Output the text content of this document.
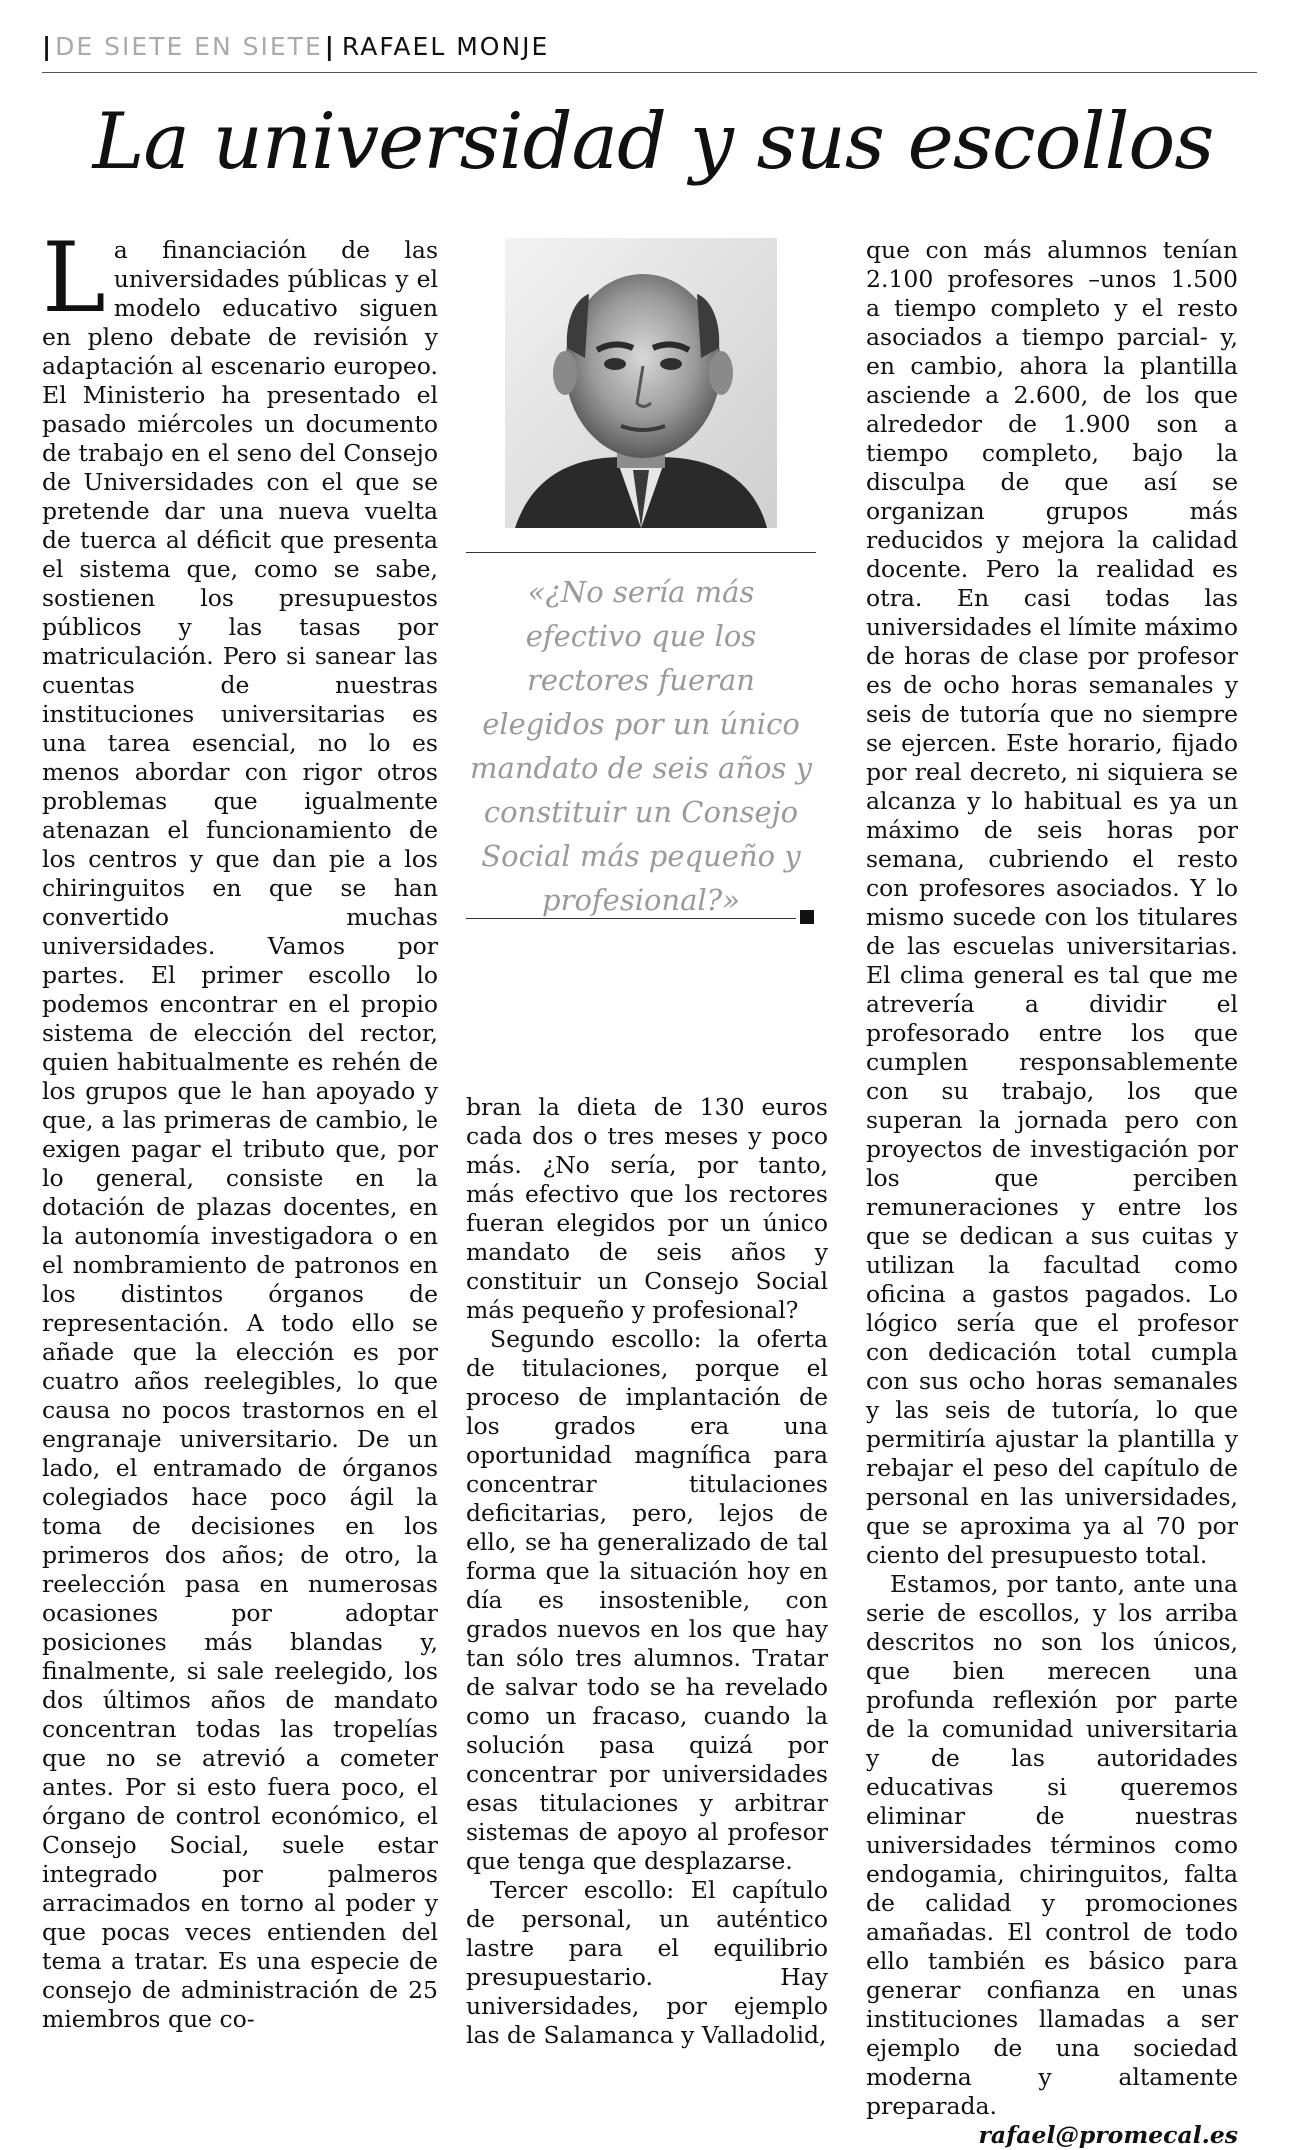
| DE SIETE EN SIETE | RAFAEL MONJE
La universidad y sus escollos

La financiación de las universidades públicas y el modelo educativo siguen en pleno debate de revisión y adaptación al escenario europeo. El Ministerio ha presentado el pasado miércoles un documento de trabajo en el seno del Consejo de Universidades con el que se pretende dar una nueva vuelta de tuerca al déficit que presenta el sistema que, como se sabe, sostienen los presupuestos públicos y las tasas por matriculación. Pero si sanear las cuentas de nuestras instituciones universitarias es una tarea esencial, no lo es menos abordar con rigor otros problemas que igualmente atenazan el funcionamiento de los centros y que dan pie a los chiringuitos en que se han convertido muchas universidades. Vamos por partes. El primer escollo lo podemos encontrar en el propio sistema de elección del rector, quien habitualmente es rehén de los grupos que le han apoyado y que, a las primeras de cambio, le exigen pagar el tributo que, por lo general, consiste en la dotación de plazas docentes, en la autonomía investigadora o en el nombramiento de patronos en los distintos órganos de representación. A todo ello se añade que la elección es por cuatro años reelegibles, lo que causa no pocos trastornos en el engranaje universitario. De un lado, el entramado de órganos colegiados hace poco ágil la toma de decisiones en los primeros dos años; de otro, la reelección pasa en numerosas ocasiones por adoptar posiciones más blandas y, finalmente, si sale reelegido, los dos últimos años de mandato concentran todas las tropelías que no se atrevió a cometer antes. Por si esto fuera poco, el órgano de control económico, el Consejo Social, suele estar integrado por palmeros arracimados en torno al poder y que pocas veces entienden del tema a tratar. Es una especie de consejo de administración de 25 miembros que co-

«¿No sería más efectivo que los rectores fueran elegidos por un único mandato de seis años y constituir un Consejo Social más pequeño y profesional?»

bran la dieta de 130 euros cada dos o tres meses y poco más. ¿No sería, por tanto, más efectivo que los rectores fueran elegidos por un único mandato de seis años y constituir un Consejo Social más pequeño y profesional?

Segundo escollo: la oferta de titulaciones, porque el proceso de implantación de los grados era una oportunidad magnífica para concentrar titulaciones deficitarias, pero, lejos de ello, se ha generalizado de tal forma que la situación hoy en día es insostenible, con grados nuevos en los que hay tan sólo tres alumnos. Tratar de salvar todo se ha revelado como un fracaso, cuando la solución pasa quizá por concentrar por universidades esas titulaciones y arbitrar sistemas de apoyo al profesor que tenga que desplazarse.

Tercer escollo: El capítulo de personal, un auténtico lastre para el equilibrio presupuestario. Hay universidades, por ejemplo las de Salamanca y Valladolid,

que con más alumnos tenían 2.100 profesores –unos 1.500 a tiempo completo y el resto asociados a tiempo parcial- y, en cambio, ahora la plantilla asciende a 2.600, de los que alrededor de 1.900 son a tiempo completo, bajo la disculpa de que así se organizan grupos más reducidos y mejora la calidad docente. Pero la realidad es otra. En casi todas las universidades el límite máximo de horas de clase por profesor es de ocho horas semanales y seis de tutoría que no siempre se ejercen. Este horario, fijado por real decreto, ni siquiera se alcanza y lo habitual es ya un máximo de seis horas por semana, cubriendo el resto con profesores asociados. Y lo mismo sucede con los titulares de las escuelas universitarias. El clima general es tal que me atrevería a dividir el profesorado entre los que cumplen responsablemente con su trabajo, los que superan la jornada pero con proyectos de investigación por los que perciben remuneraciones y entre los que se dedican a sus cuitas y utilizan la facultad como oficina a gastos pagados. Lo lógico sería que el profesor con dedicación total cumpla con sus ocho horas semanales y las seis de tutoría, lo que permitiría ajustar la plantilla y rebajar el peso del capítulo de personal en las universidades, que se aproxima ya al 70 por ciento del presupuesto total.

Estamos, por tanto, ante una serie de escollos, y los arriba descritos no son los únicos, que bien merecen una profunda reflexión por parte de la comunidad universitaria y de las autoridades educativas si queremos eliminar de nuestras universidades términos como endogamia, chiringuitos, falta de calidad y promociones amañadas. El control de todo ello también es básico para generar confianza en unas instituciones llamadas a ser ejemplo de una sociedad moderna y altamente preparada.

rafael@promecal.es
